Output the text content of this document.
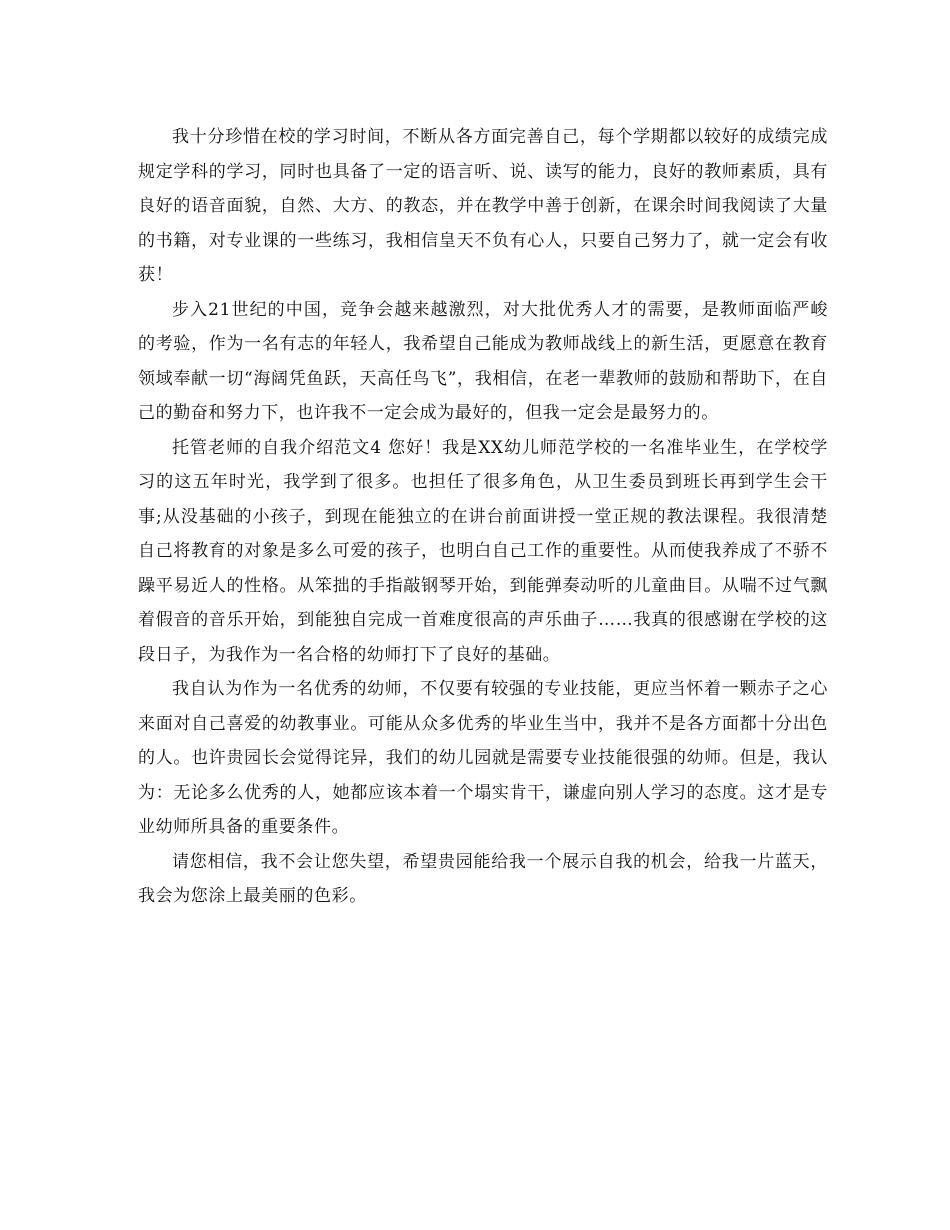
我十分珍惜在校的学习时间，不断从各方面完善自己，每个学期都以较好的成绩完成规定学科的学习，同时也具备了一定的语言听、说、读写的能力，良好的教师素质，具有良好的语音面貌，自然、大方、的教态，并在教学中善于创新，在课余时间我阅读了大量的书籍，对专业课的一些练习，我相信皇天不负有心人，只要自己努力了，就一定会有收获！

步入21世纪的中国，竞争会越来越激烈，对大批优秀人才的需要，是教师面临严峻的考验，作为一名有志的年轻人，我希望自己能成为教师战线上的新生活，更愿意在教育领域奉献一切“海阔凭鱼跃，天高任鸟飞”，我相信，在老一辈教师的鼓励和帮助下，在自己的勤奋和努力下，也许我不一定会成为最好的，但我一定会是最努力的。

托管老师的自我介绍范文4 您好！我是XX幼儿师范学校的一名准毕业生，在学校学习的这五年时光，我学到了很多。也担任了很多角色，从卫生委员到班长再到学生会干事;从没基础的小孩子，到现在能独立的在讲台前面讲授一堂正规的教法课程。我很清楚自己将教育的对象是多么可爱的孩子，也明白自己工作的重要性。从而使我养成了不骄不躁平易近人的性格。从笨拙的手指敲钢琴开始，到能弹奏动听的儿童曲目。从喘不过气飘着假音的音乐开始，到能独自完成一首难度很高的声乐曲子……我真的很感谢在学校的这段日子，为我作为一名合格的幼师打下了良好的基础。

我自认为作为一名优秀的幼师，不仅要有较强的专业技能，更应当怀着一颗赤子之心来面对自己喜爱的幼教事业。可能从众多优秀的毕业生当中，我并不是各方面都十分出色的人。也许贵园长会觉得诧异，我们的幼儿园就是需要专业技能很强的幼师。但是，我认为：无论多么优秀的人，她都应该本着一个塌实肯干，谦虚向别人学习的态度。这才是专业幼师所具备的重要条件。

请您相信，我不会让您失望，希望贵园能给我一个展示自我的机会，给我一片蓝天，我会为您涂上最美丽的色彩。
